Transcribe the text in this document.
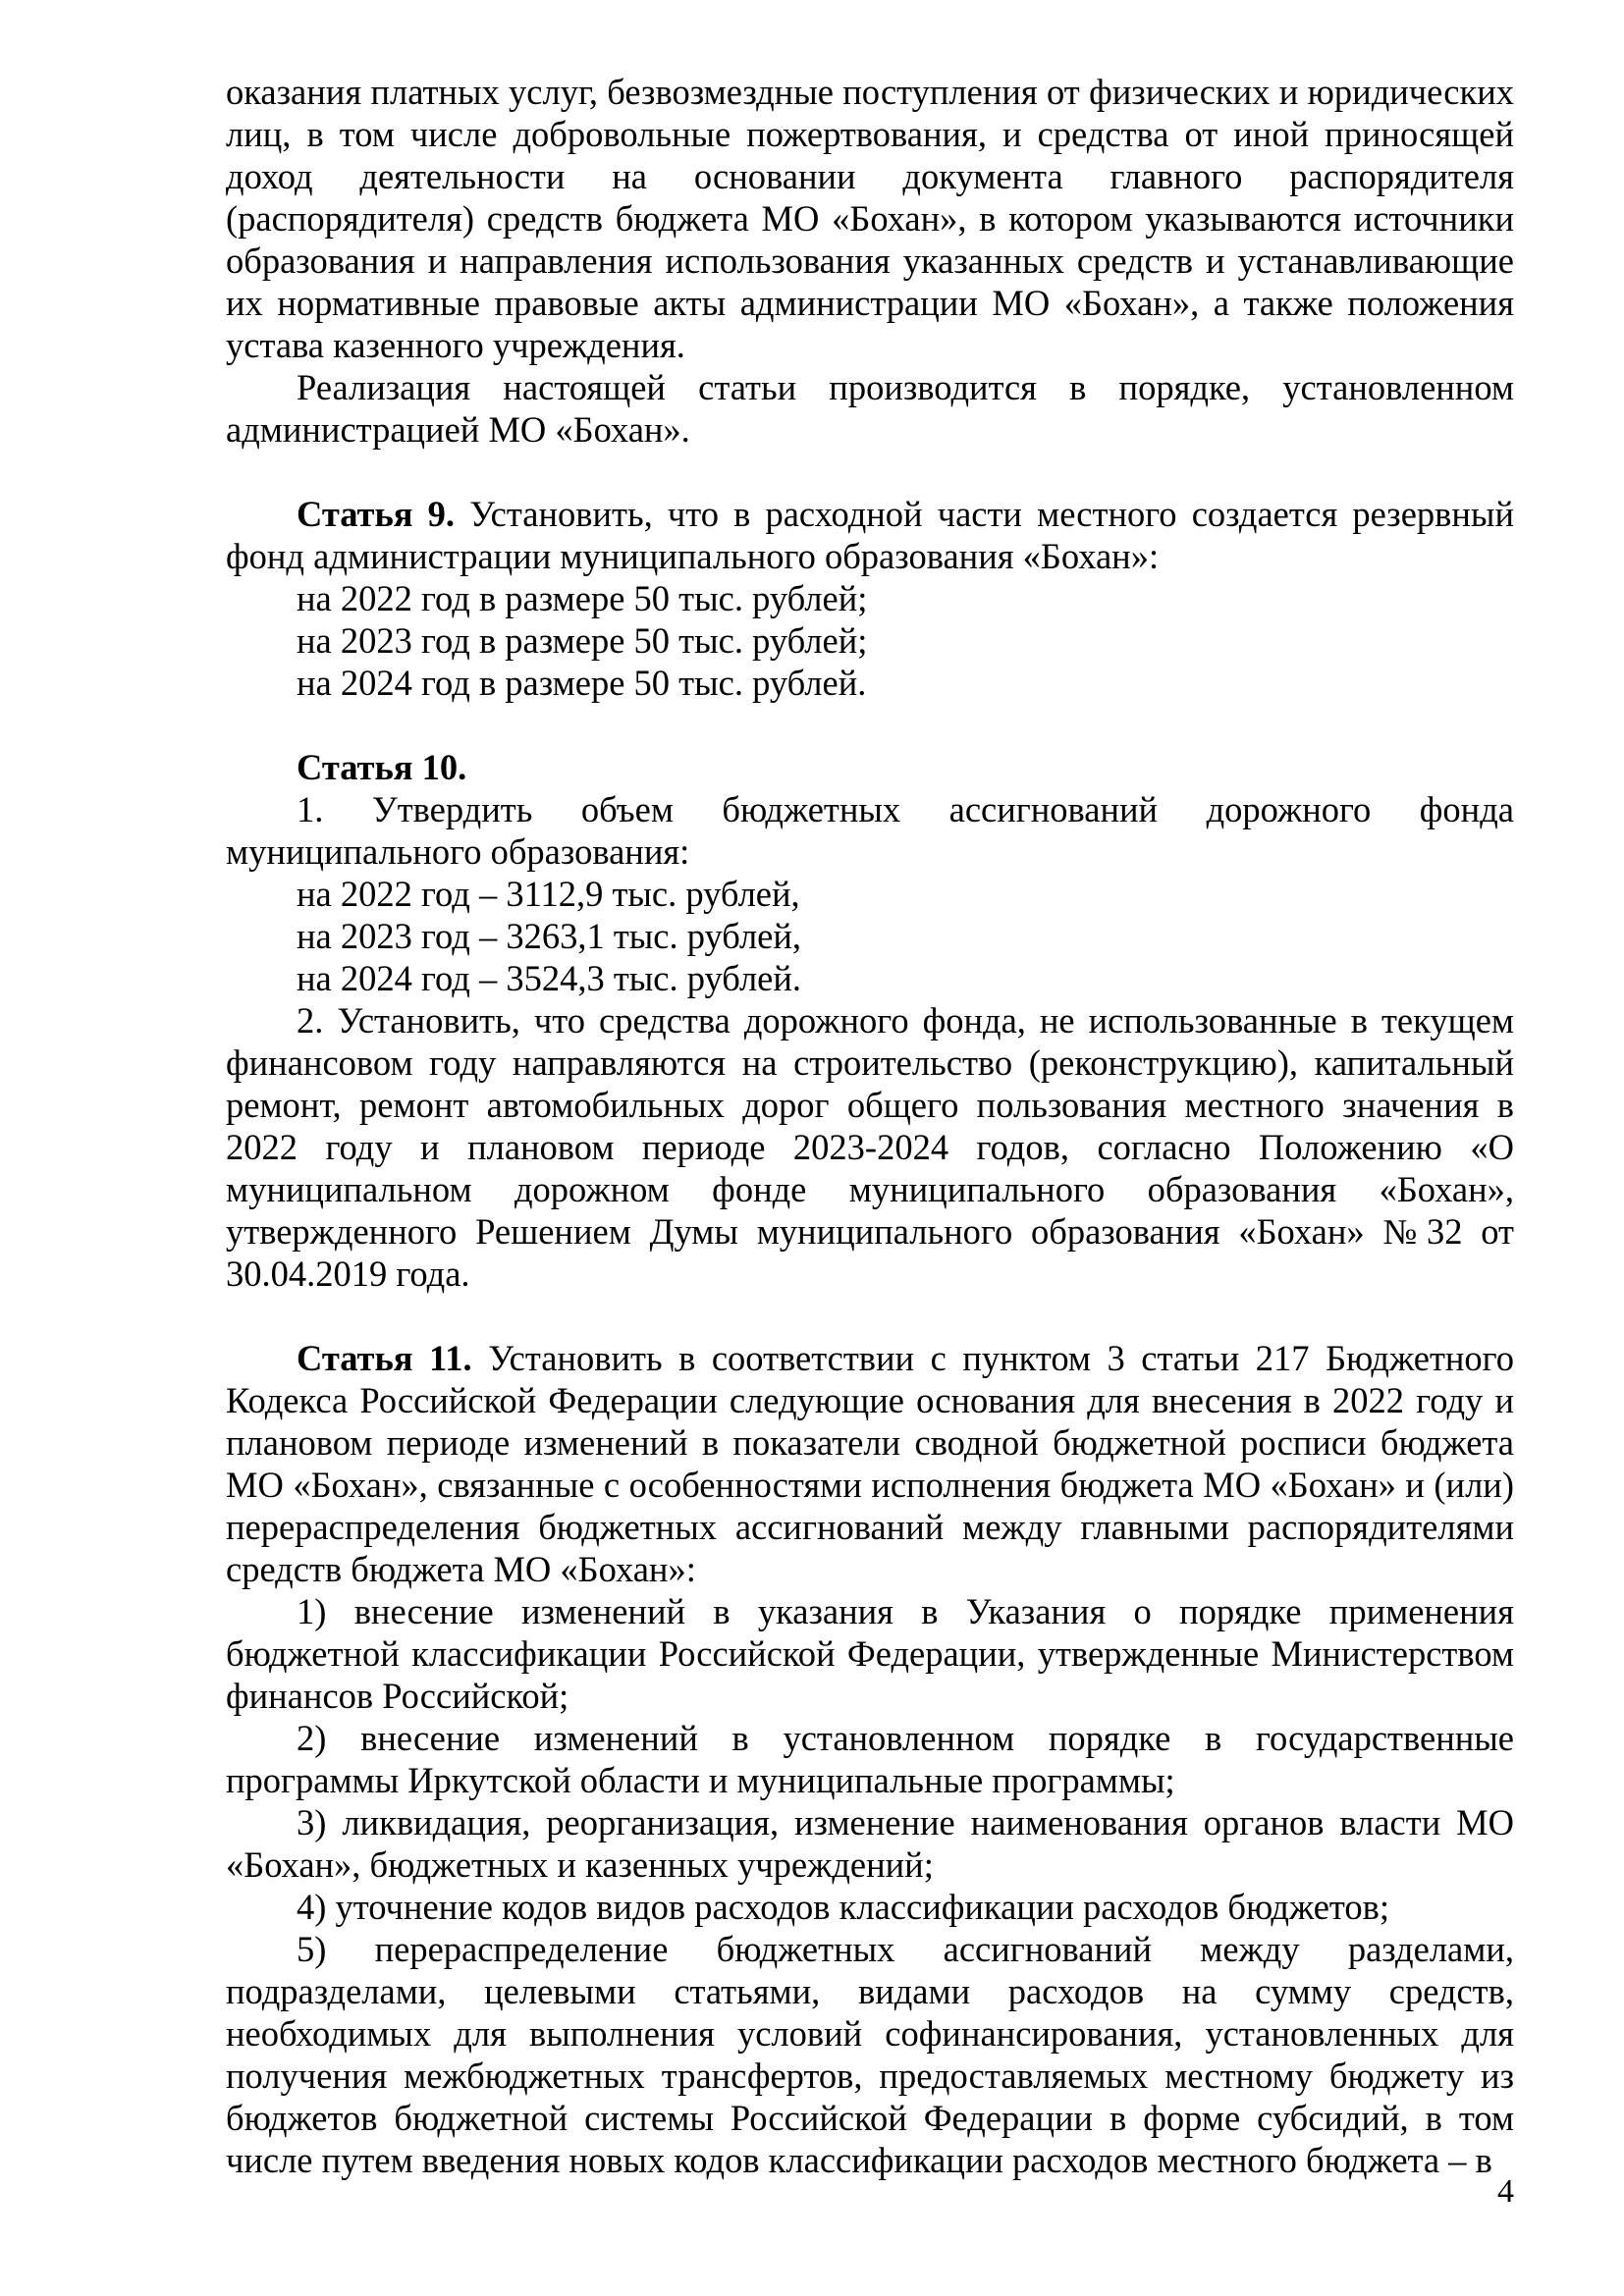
оказания платных услуг, безвозмездные поступления от физических и юридических лиц, в том числе добровольные пожертвования, и средства от иной приносящей доход деятельности на основании документа главного распорядителя (распорядителя) средств бюджета МО «Бохан», в котором указываются источники образования и направления использования указанных средств и устанавливающие их нормативные правовые акты администрации МО «Бохан», а также положения устава казенного учреждения.

Реализация настоящей статьи производится в порядке, установленном администрацией МО «Бохан».

Статья 9. Установить, что в расходной части местного создается резервный фонд администрации муниципального образования «Бохан»:

на 2022 год в размере 50 тыс. рублей;

на 2023 год в размере 50 тыс. рублей;

на 2024 год в размере 50 тыс. рублей.

Статья 10.

1. Утвердить объем бюджетных ассигнований дорожного фонда муниципального образования:

на 2022 год – 3112,9 тыс. рублей,

на 2023 год – 3263,1 тыс. рублей,

на 2024 год – 3524,3 тыс. рублей.

2. Установить, что средства дорожного фонда, не использованные в текущем финансовом году направляются на строительство (реконструкцию), капитальный ремонт, ремонт автомобильных дорог общего пользования местного значения в 2022 году и плановом периоде 2023-2024 годов, согласно Положению «О муниципальном дорожном фонде муниципального образования «Бохан», утвержденного Решением Думы муниципального образования «Бохан» №32 от 30.04.2019 года.

Статья 11. Установить в соответствии с пунктом 3 статьи 217 Бюджетного Кодекса Российской Федерации следующие основания для внесения в 2022 году и плановом периоде изменений в показатели сводной бюджетной росписи бюджета МО «Бохан», связанные с особенностями исполнения бюджета МО «Бохан» и (или) перераспределения бюджетных ассигнований между главными распорядителями средств бюджета МО «Бохан»:

1) внесение изменений в указания в Указания о порядке применения бюджетной классификации Российской Федерации, утвержденные Министерством финансов Российской;

2) внесение изменений в установленном порядке в государственные программы Иркутской области и муниципальные программы;

3) ликвидация, реорганизация, изменение наименования органов власти МО «Бохан», бюджетных и казенных учреждений;

4) уточнение кодов видов расходов классификации расходов бюджетов;

5) перераспределение бюджетных ассигнований между разделами, подразделами, целевыми статьями, видами расходов на сумму средств, необходимых для выполнения условий софинансирования, установленных для получения межбюджетных трансфертов, предоставляемых местному бюджету из бюджетов бюджетной системы Российской Федерации в форме субсидий, в том числе путем введения новых кодов классификации расходов местного бюджета – в

4
